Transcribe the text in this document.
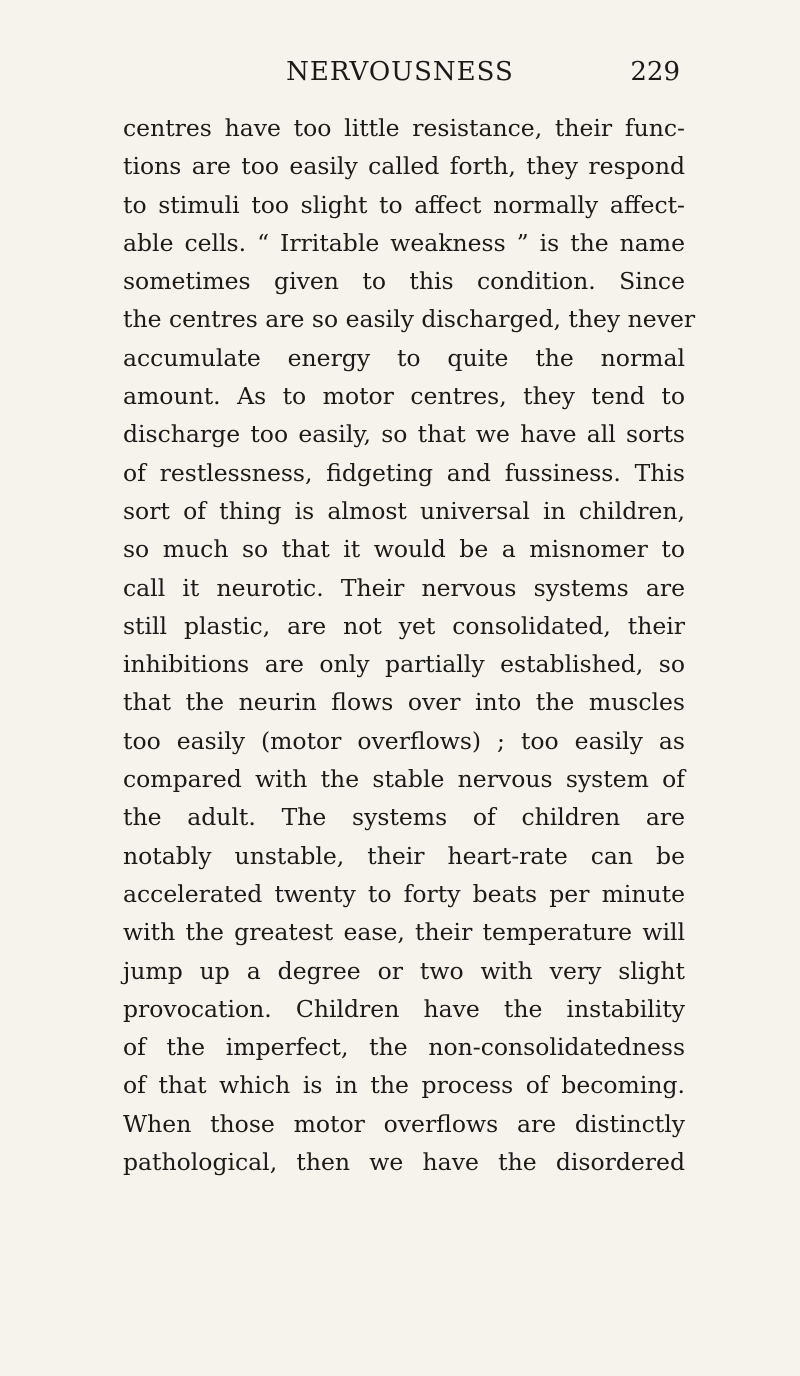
NERVOUSNESS	229
centres have too little resistance, their func-
tions are too easily called forth, they respond
to stimuli too slight to affect normally affect-
able cells. “ Irritable weakness ” is the name
sometimes given to this condition. Since
the centres are so easily discharged, they never
accumulate energy to quite the normal
amount. As to motor centres, they tend to
discharge too easily, so that we have all sorts
of restlessness, fidgeting and fussiness. This
sort of thing is almost universal in children,
so much so that it would be a misnomer to
call it neurotic. Their nervous systems are
still plastic, are not yet consolidated, their
inhibitions are only partially established, so
that the neurin flows over into the muscles
too easily (motor overflows) ; too easily as
compared with the stable nervous system of
the adult. The systems of children are
notably unstable, their heart-rate can be
accelerated twenty to forty beats per minute
with the greatest ease, their temperature will
jump up a degree or two with very slight
provocation. Children have the instability
of the imperfect, the non-consolidatedness
of that which is in the process of becoming.
When those motor overflows are distinctly
pathological, then we have the disordered
